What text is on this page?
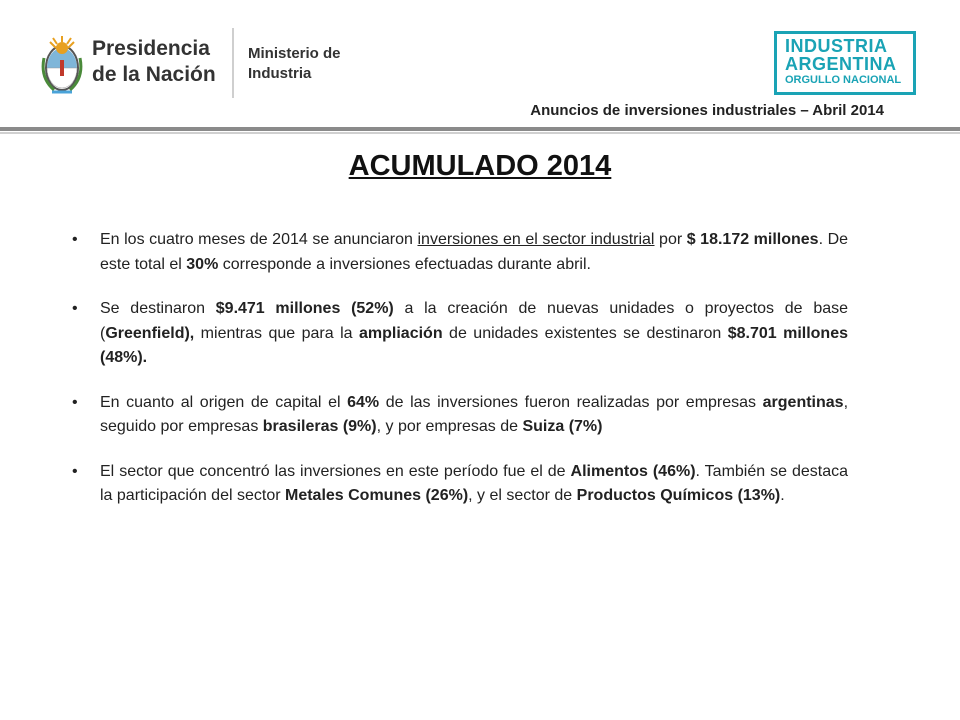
Presidencia
de la Nación
Ministerio de
Industria
INDUSTRIA
ARGENTINA
ORGULLO NACIONAL
Anuncios de inversiones industriales – Abril 2014
ACUMULADO 2014
• En los cuatro meses de 2014 se anunciaron inversiones en el sector industrial por $ 18.172 millones. De este total el 30% corresponde a inversiones efectuadas durante abril.
• Se destinaron $9.471 millones (52%) a la creación de nuevas unidades o proyectos de base (Greenfield), mientras que para la ampliación de unidades existentes se destinaron $8.701 millones (48%).
• En cuanto al origen de capital el 64% de las inversiones fueron realizadas por empresas argentinas, seguido por empresas brasileras (9%), y por empresas de Suiza (7%)
• El sector que concentró las inversiones en este período fue el de Alimentos (46%). También se destaca la participación del sector Metales Comunes (26%), y el sector de Productos Químicos (13%).
